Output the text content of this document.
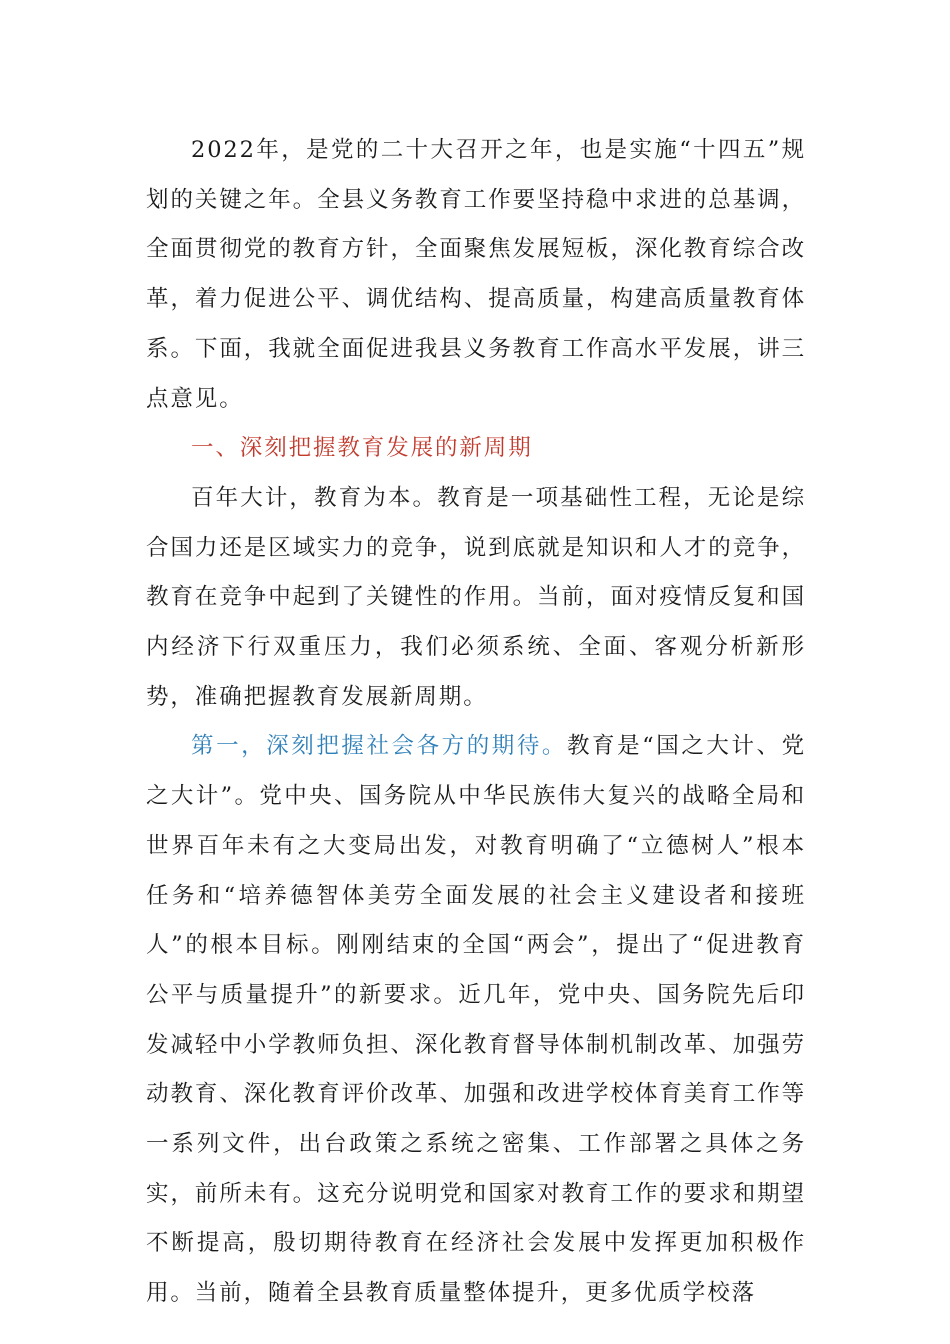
2022年，是党的二十大召开之年，也是实施“十四五”规划的关键之年。全县义务教育工作要坚持稳中求进的总基调，全面贯彻党的教育方针，全面聚焦发展短板，深化教育综合改革，着力促进公平、调优结构、提高质量，构建高质量教育体系。下面，我就全面促进我县义务教育工作高水平发展，讲三点意见。

一、深刻把握教育发展的新周期

百年大计，教育为本。教育是一项基础性工程，无论是综合国力还是区域实力的竞争，说到底就是知识和人才的竞争，教育在竞争中起到了关键性的作用。当前，面对疫情反复和国内经济下行双重压力，我们必须系统、全面、客观分析新形势，准确把握教育发展新周期。

第一，深刻把握社会各方的期待。教育是“国之大计、党之大计”。党中央、国务院从中华民族伟大复兴的战略全局和世界百年未有之大变局出发，对教育明确了“立德树人”根本任务和“培养德智体美劳全面发展的社会主义建设者和接班人”的根本目标。刚刚结束的全国“两会”，提出了“促进教育公平与质量提升”的新要求。近几年，党中央、国务院先后印发减轻中小学教师负担、深化教育督导体制机制改革、加强劳动教育、深化教育评价改革、加强和改进学校体育美育工作等一系列文件，出台政策之系统之密集、工作部署之具体之务实，前所未有。这充分说明党和国家对教育工作的要求和期望不断提高，殷切期待教育在经济社会发展中发挥更加积极作用。当前，随着全县教育质量整体提升，更多优质学校落
